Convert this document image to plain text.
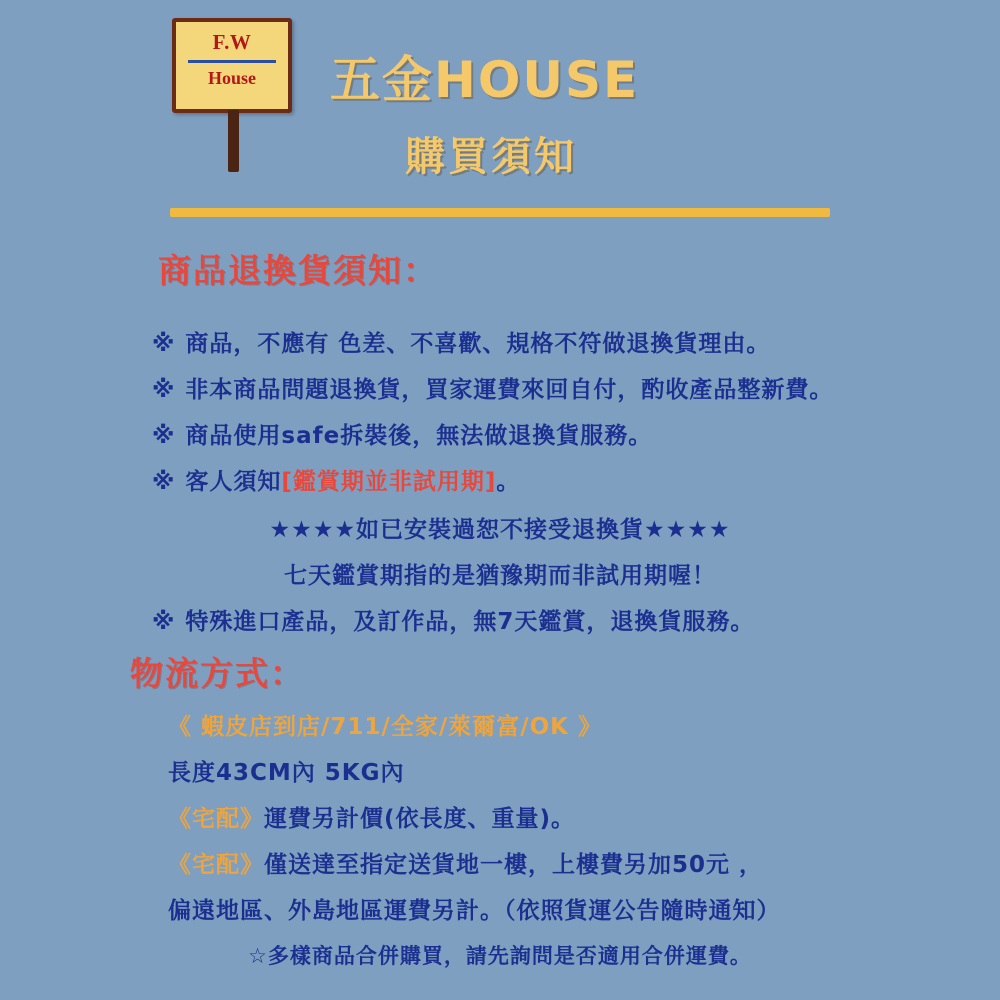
F.W
House	五金HOUSE
購買須知
商品退換貨須知：
※ 商品，不應有 色差、不喜歡、規格不符做退換貨理由。
※ 非本商品問題退換貨，買家運費來回自付，酌收產品整新費。
※ 商品使用safe拆裝後，無法做退換貨服務。
※ 客人須知[鑑賞期並非試用期]。
★★★★如已安裝過恕不接受退換貨★★★★
七天鑑賞期指的是猶豫期而非試用期喔！
※ 特殊進口產品，及訂作品，無7天鑑賞，退換貨服務。
物流方式：
《 蝦皮店到店/711/全家/萊爾富/OK 》
長度43CM內 5KG內
《宅配》運費另計價(依長度、重量)。
《宅配》僅送達至指定送貨地一樓，上樓費另加50元 ，
偏遠地區、外島地區運費另計。（依照貨運公告隨時通知）
☆多樣商品合併購買，請先詢問是否適用合併運費。
